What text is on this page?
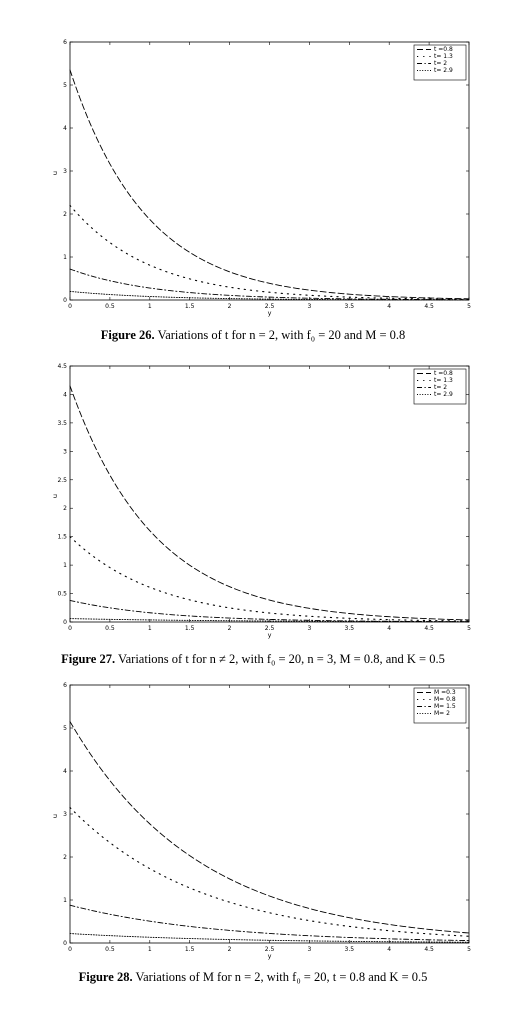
0	0.5	1	1.5	2	2.5	3	3.5	4	4.5	5
0
1
2
3
4
5
6
y
u
t =0.8
t= 1.3
t= 2
t= 2.9
Figure 26. Variations of t for n = 2, with f₀ = 20 and M = 0.8
0	0.5	1	1.5	2	2.5	3	3.5	4	4.5	5
0
0.5
1
1.5
2
2.5
3
3.5
4
4.5
y
u
t =0.8
t= 1.3
t= 2
t= 2.9
Figure 27. Variations of t for n ≠ 2, with f₀ = 20, n = 3, M = 0.8, and K = 0.5
0	0.5	1	1.5	2	2.5	3	3.5	4	4.5	5
0
1
2
3
4
5
6
y
u
M =0.3
M= 0.8
M= 1.5
M= 2
Figure 28. Variations of M for n = 2, with f₀ = 20, t = 0.8 and K = 0.5
